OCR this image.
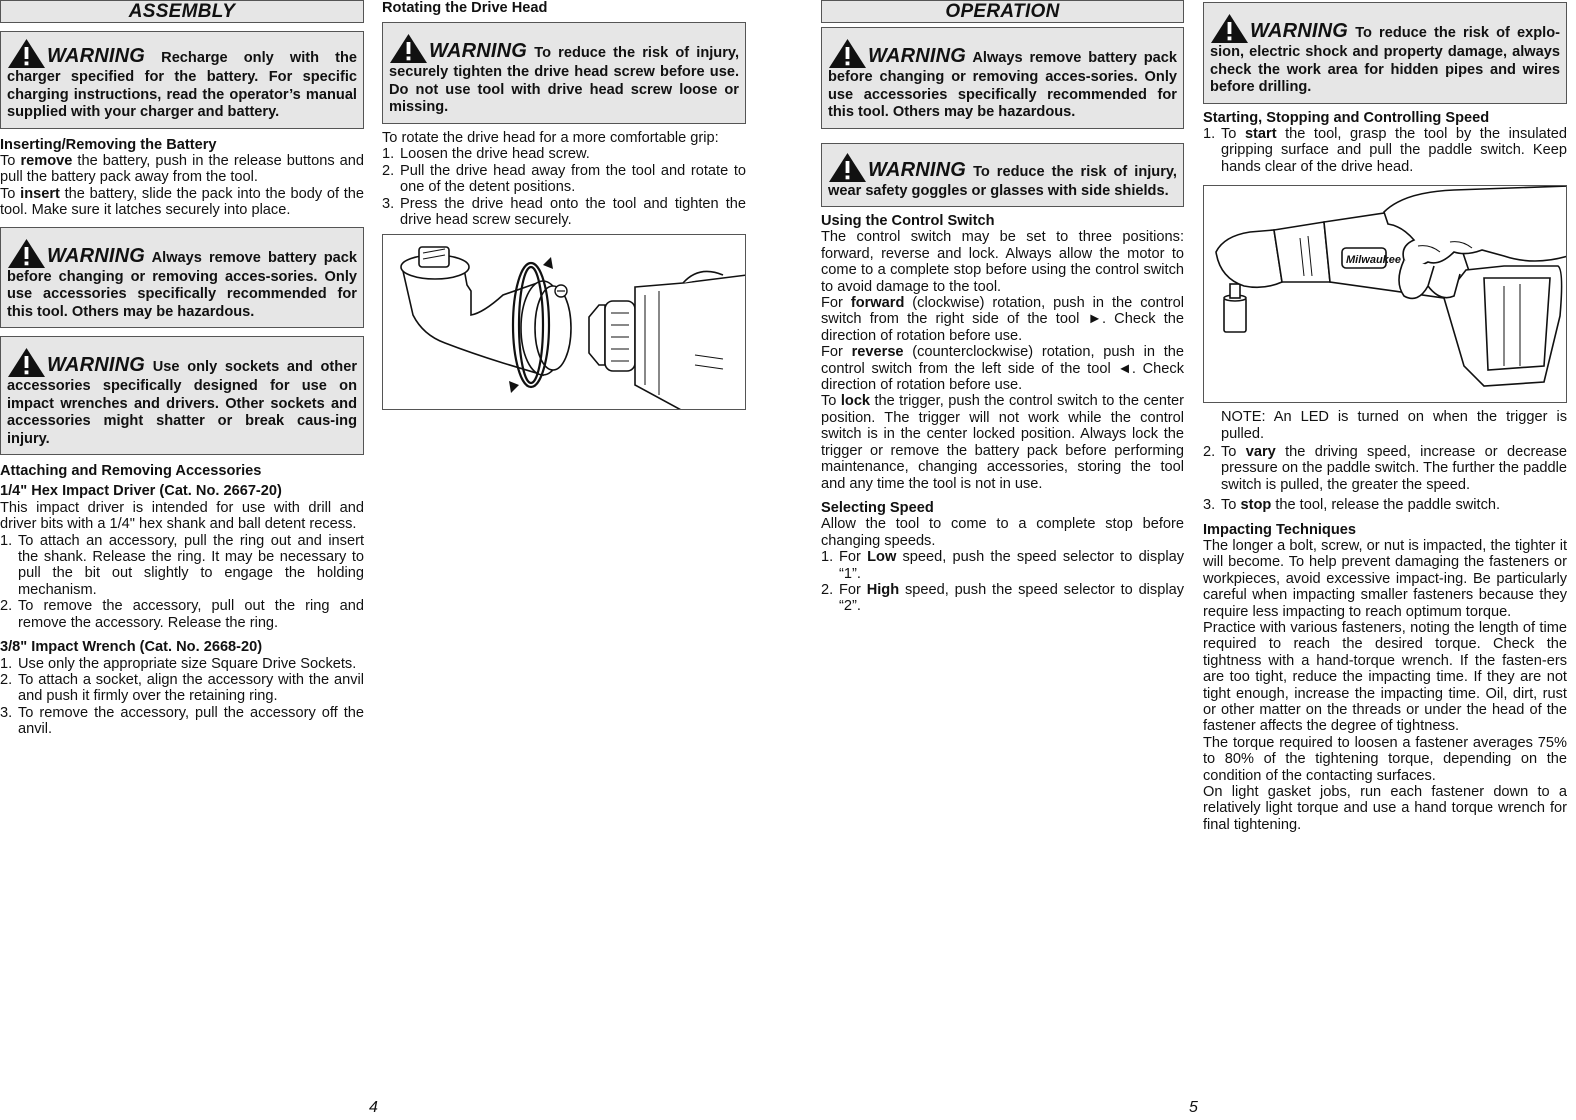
ASSEMBLY
WARNING Recharge only with the charger specified for the battery. For specific charging instructions, read the operator’s manual supplied with your charger and battery.
Inserting/Removing the Battery

To remove the battery, push in the release buttons and pull the battery pack away from the tool.

To insert the battery, slide the pack into the body of the tool. Make sure it latches securely into place.

WARNING Always remove battery pack before changing or removing acces-sories. Only use accessories specifically recommended for this tool. Others may be hazardous.
WARNING Use only sockets and other accessories specifically designed for use on impact wrenches and drivers. Other sockets and accessories might shatter or break caus-ing injury.
Attaching and Removing Accessories
1/4" Hex Impact Driver (Cat. No. 2667-20)

This impact driver is intended for use with drill and driver bits with a 1/4" hex shank and ball detent recess.

1. To attach an accessory, pull the ring out and insert the shank. Release the ring. It may be necessary to pull the bit out slightly to engage the holding mechanism.
2. To remove the accessory, pull out the ring and remove the accessory. Release the ring.
3/8" Impact Wrench (Cat. No. 2668-20)
1. Use only the appropriate size Square Drive Sockets.
2. To attach a socket, align the accessory with the anvil and push it firmly over the retaining ring.
3. To remove the accessory, pull the accessory off the anvil.
Rotating the Drive Head
WARNING To reduce the risk of injury, securely tighten the drive head screw before use. Do not use tool with drive head screw loose or missing.

To rotate the drive head for a more comfortable grip:

1. Loosen the drive head screw.
2. Pull the drive head away from the tool and rotate to one of the detent positions.
3. Press the drive head onto the tool and tighten the drive head screw securely.
OPERATION
WARNING Always remove battery pack before changing or removing acces-sories. Only use accessories specifically recommended for this tool. Others may be hazardous.
WARNING To reduce the risk of injury, wear safety goggles or glasses with side shields.
Using the Control Switch

The control switch may be set to three positions: forward, reverse and lock. Always allow the motor to come to a complete stop before using the control switch to avoid damage to the tool.

For forward (clockwise) rotation, push in the control switch from the right side of the tool ►. Check the direction of rotation before use.

For reverse (counterclockwise) rotation, push in the control switch from the left side of the tool ◄. Check direction of rotation before use.

To lock the trigger, push the control switch to the center position. The trigger will not work while the control switch is in the center locked position. Always lock the trigger or remove the battery pack before performing maintenance, changing accessories, storing the tool and any time the tool is not in use.

Selecting Speed

Allow the tool to come to a complete stop before changing speeds.

1. For Low speed, push the speed selector to display “1”.
2. For High speed, push the speed selector to display “2”.
WARNING To reduce the risk of explo-sion, electric shock and property damage, always check the work area for hidden pipes and wires before drilling.
Starting, Stopping and Controlling Speed
1. To start the tool, grasp the tool by the insulated gripping surface and pull the paddle switch. Keep hands clear of the drive head.
Milwaukee

NOTE: An LED is turned on when the trigger is pulled.

2. To vary the driving speed, increase or decrease pressure on the paddle switch. The further the paddle switch is pulled, the greater the speed.
3. To stop the tool, release the paddle switch.
Impacting Techniques

The longer a bolt, screw, or nut is impacted, the tighter it will become. To help prevent damaging the fasteners or workpieces, avoid excessive impact-ing. Be particularly careful when impacting smaller fasteners because they require less impacting to reach optimum torque.

Practice with various fasteners, noting the length of time required to reach the desired torque. Check the tightness with a hand-torque wrench. If the fasten-ers are too tight, reduce the impacting time. If they are not tight enough, increase the impacting time. Oil, dirt, rust or other matter on the threads or under the head of the fastener affects the degree of tightness.

The torque required to loosen a fastener averages 75% to 80% of the tightening torque, depending on the condition of the contacting surfaces.

On light gasket jobs, run each fastener down to a relatively light torque and use a hand torque wrench for final tightening.

4	5
